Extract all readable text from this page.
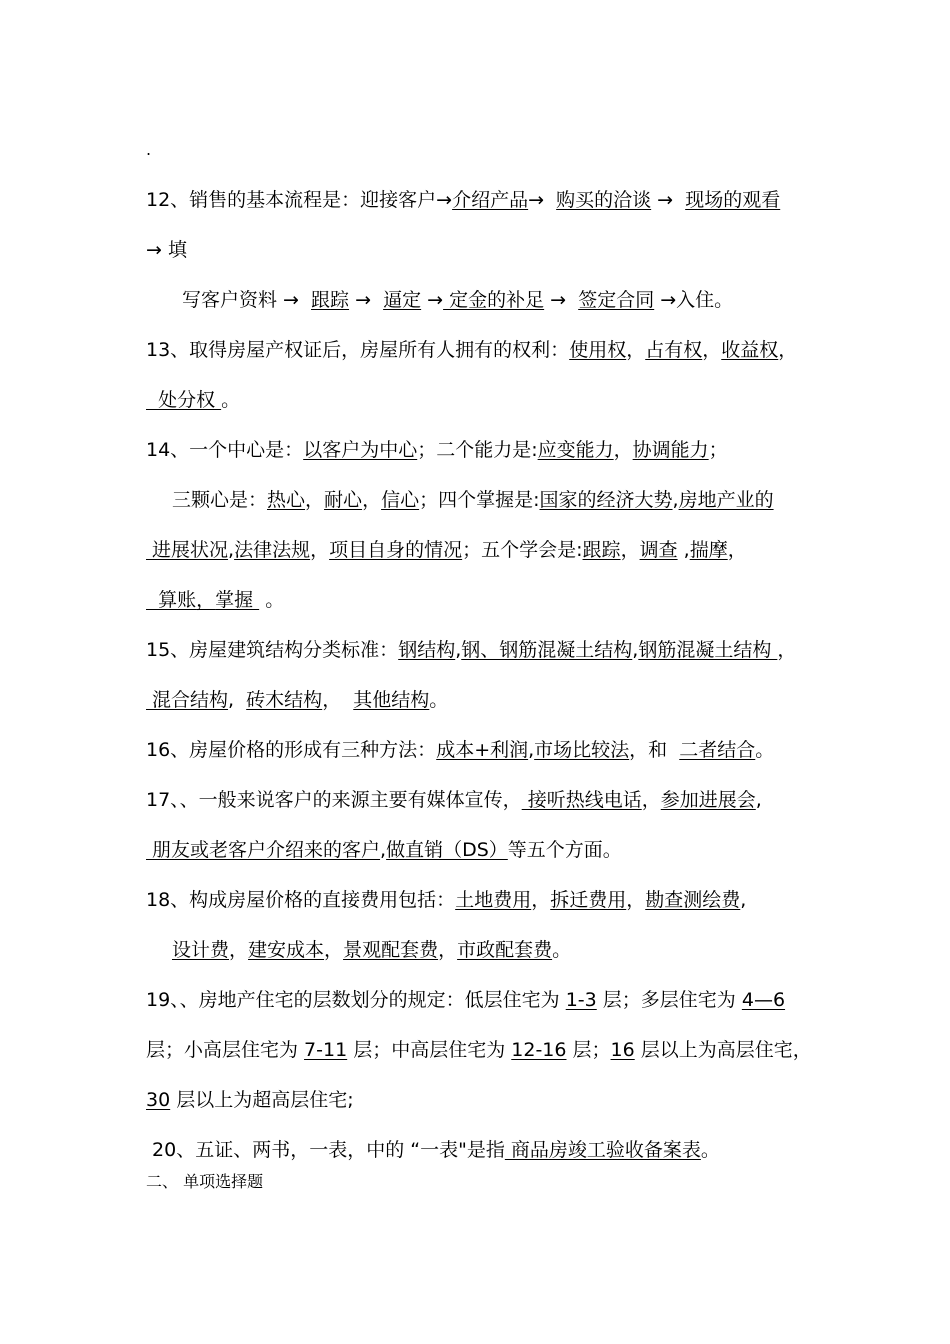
.
12、销售的基本流程是：迎接客户→介绍产品→  购买的洽谈 →  现场的观看
→ 填
写客户资料 →  跟踪 →  逼定 → 定金的补足 →  签定合同 →入住。
13、取得房屋产权证后，房屋所有人拥有的权利：使用权，占有权，收益权，
处分权 。
14、一个中心是：以客户为中心；二个能力是:应变能力，协调能力；
三颗心是：热心，耐心，信心；四个掌握是:国家的经济大势,房地产业的
进展状况,法律法规，项目自身的情况；五个学会是:跟踪，调查 ,揣摩，
算账，掌握  。
15、房屋建筑结构分类标准：钢结构,钢、钢筋混凝土结构,钢筋混凝土结构 ，
混合结构,  砖木结构，  其他结构。
16、房屋价格的形成有三种方法：成本+利润,市场比较法，和  二者结合。
17、、一般来说客户的来源主要有媒体宣传， 接听热线电话，参加进展会,
朋友或老客户介绍来的客户,做直销（DS）等五个方面。
18、构成房屋价格的直接费用包括：土地费用，拆迁费用，勘查测绘费,
设计费，建安成本，景观配套费，市政配套费。
19、、房地产住宅的层数划分的规定：低层住宅为 1-3 层；多层住宅为 4—6
层；小高层住宅为 7-11 层；中高层住宅为 12-16 层；16 层以上为高层住宅，
30 层以上为超高层住宅;
20、五证、两书，一表，中的 “一表"是指 商品房竣工验收备案表。
二、 单项选择题
